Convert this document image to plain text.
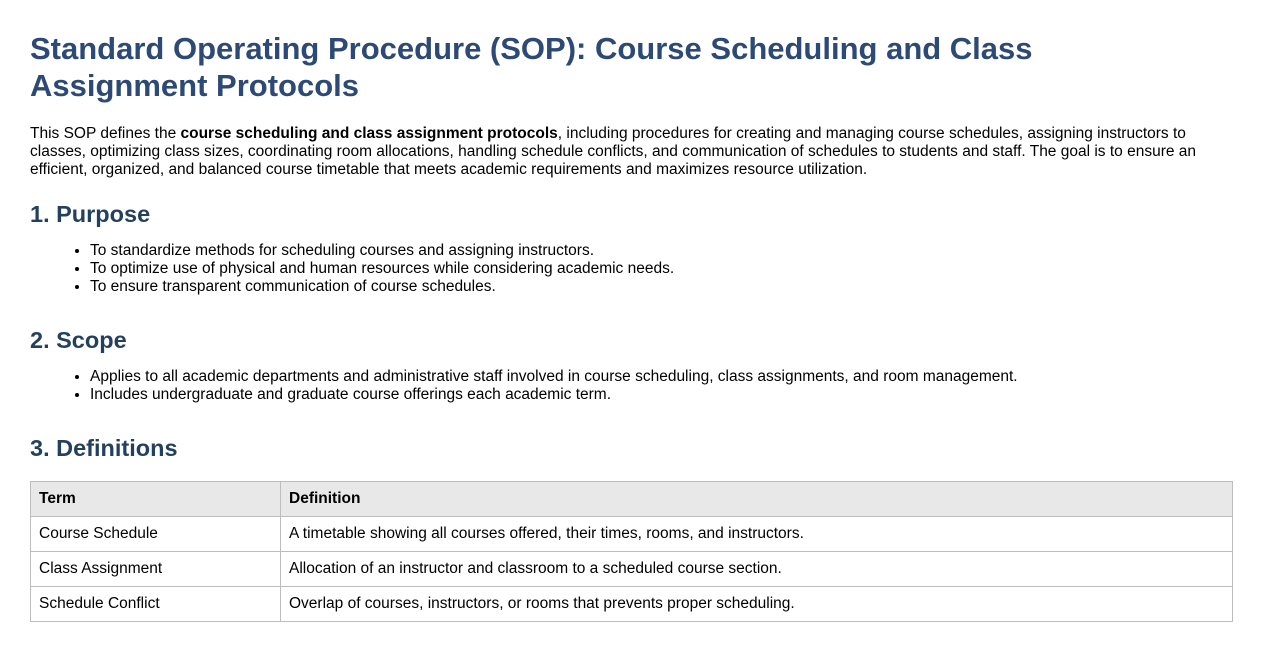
Standard Operating Procedure (SOP): Course Scheduling and Class Assignment Protocols

This SOP defines the course scheduling and class assignment protocols, including procedures for creating and managing course schedules, assigning instructors to classes, optimizing class sizes, coordinating room allocations, handling schedule conflicts, and communication of schedules to students and staff. The goal is to ensure an efficient, organized, and balanced course timetable that meets academic requirements and maximizes resource utilization.

1. Purpose
• To standardize methods for scheduling courses and assigning instructors.
• To optimize use of physical and human resources while considering academic needs.
• To ensure transparent communication of course schedules.
2. Scope
• Applies to all academic departments and administrative staff involved in course scheduling, class assignments, and room management.
• Includes undergraduate and graduate course offerings each academic term.
3. Definitions
Term	Definition
Course Schedule	A timetable showing all courses offered, their times, rooms, and instructors.
Class Assignment	Allocation of an instructor and classroom to a scheduled course section.
Schedule Conflict	Overlap of courses, instructors, or rooms that prevents proper scheduling.
